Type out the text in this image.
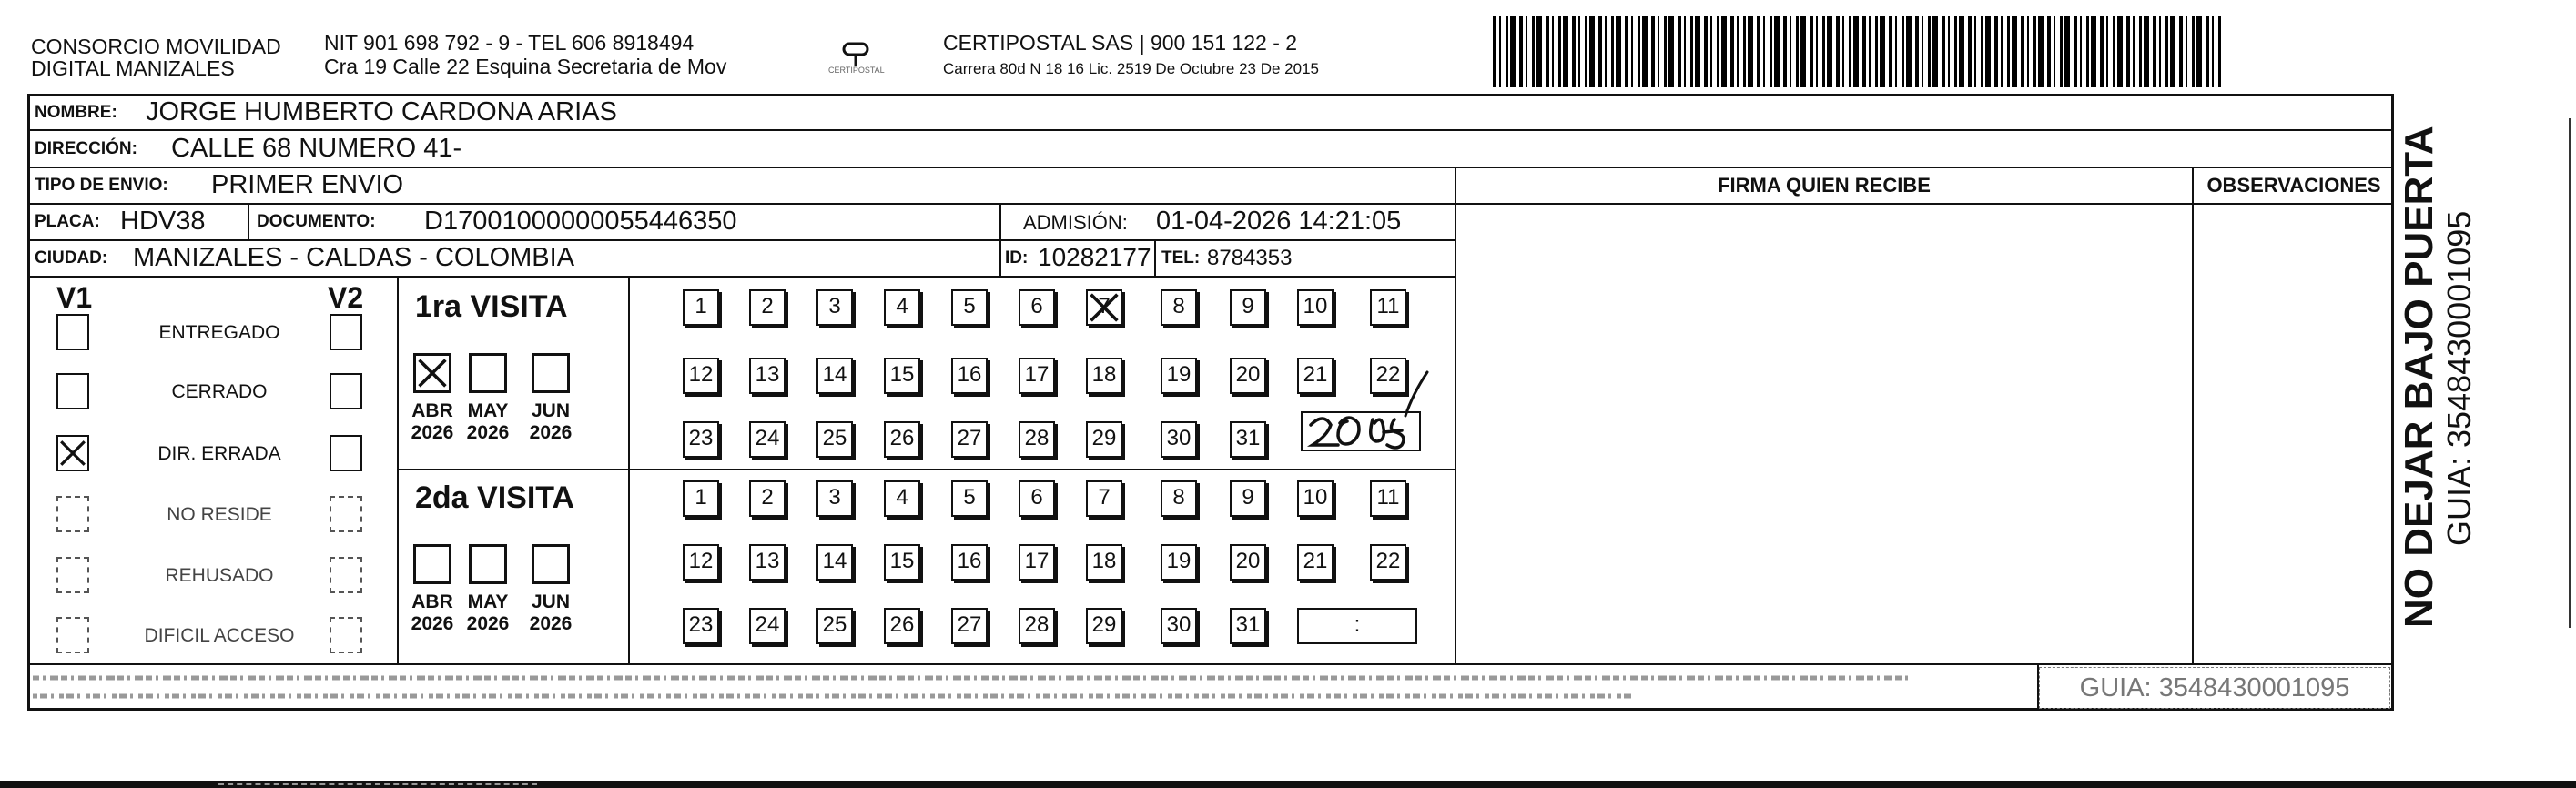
CONSORCIO MOVILIDAD
DIGITAL MANIZALES
NIT 901 698 792 - 9 - TEL 606 8918494
Cra 19 Calle 22 Esquina Secretaria de Mov	CERTIPOSTAL
CERTIPOSTAL SAS | 900 151 122 - 2
Carrera 80d N 18 16 Lic. 2519 De Octubre 23 De 2015
NOMBRE: JORGE HUMBERTO CARDONA ARIAS
DIRECCIÓN: CALLE 68 NUMERO 41-
TIPO DE ENVIO: PRIMER ENVIO
PLACA: HDV38	DOCUMENTO: D17001000000055446350	ADMISIÓN: 01-04-2026 14:21:05
CIUDAD: MANIZALES - CALDAS - COLOMBIA	ID: 10282177 TEL: 8784353
FIRMA QUIEN RECIBE	OBSERVACIONES
V1	V2
ENTREGADO
CERRADO
DIR. ERRADA
NO RESIDE
REHUSADO
DIFICIL ACCESO
1ra VISITA
ABR
2026
MAY
2026
JUN
2026
1	2	3	4	5	6	7	8	9	10	11
12 13 14 15 16 17 18 19 20 21 22
23 24 25 26 27 28 29 30 31
2da VISITA
ABR
2026
MAY
2026
JUN
2026
1	2	3	4	5	6	7	8	9	10	11
12 13 14 15 16 17 18 19 20 21 22
23 24 25 26 27 28 29 30 31	:
GUIA: 3548430001095
NO DEJAR BAJO PUERTA GUIA: 3548430001095
